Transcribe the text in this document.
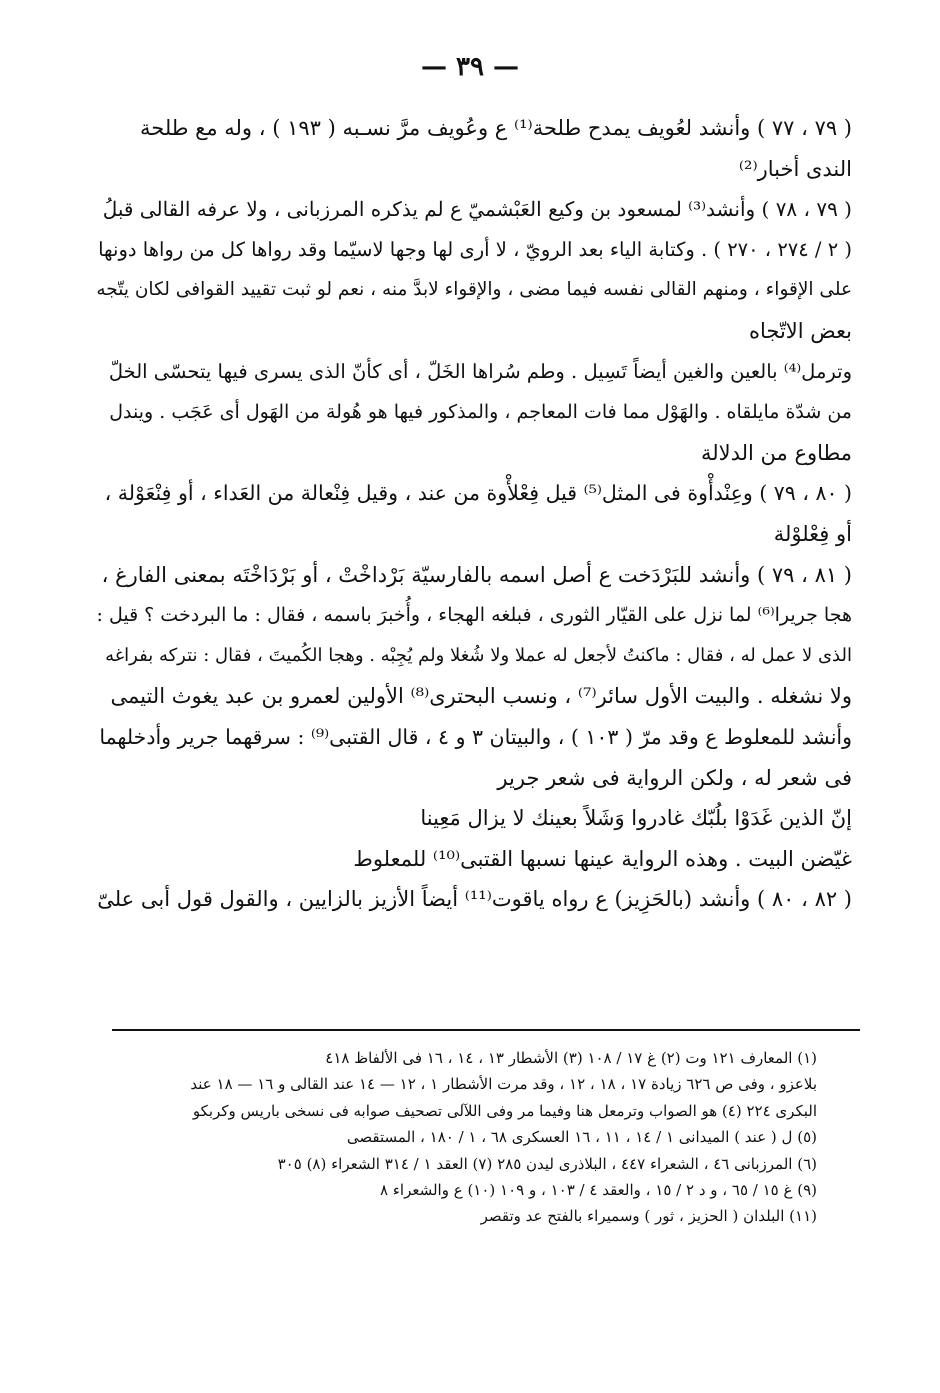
— ٣٩ —
( ٧٩ ، ٧٧ ) وأنشد لعُويف يمدح طلحة⁽¹⁾ ع وعُويف مرَّ نسـبه ( ١٩٣ ) ، وله مع طلحة
الندى أخبار⁽²⁾
( ٧٩ ، ٧٨ ) وأنشد⁽³⁾ لمسعود بن وكيع العَبْشميّ ع لم يذكره المرزبانى ، ولا عرفه القالى قبلُ
( ٢ / ٢٧٤ ، ٢٧٠ ) . وكتابة الياء بعد الرويّ ، لا أرى لها وجها لاسيّما وقد رواها كل من رواها دونها
على الإقواء ، ومنهم القالى نفسه فيما مضى ، والإقواء لابدَّ منه ، نعم لو ثبت تقييد القوافى لكان يتّجه
بعض الاتّجاه
وترمل⁽⁴⁾ بالعين والغين أيضاً تَسِيل . وطم سُراها الخَلّ ، أى كأنّ الذى يسرى فيها يتحسّى الخلّ
من شدّة مايلقاه . والهَوْل مما فات المعاجم ، والمذكور فيها هو هُولة من الهَول أى عَجَب . ويندل
مطاوع من الدلالة
( ٨٠ ، ٧٩ ) وعِنْدأْوة فى المثل⁽⁵⁾ قيل فِعْلأْوة من عند ، وقيل فِنْعالة من العَداء ، أو فِنْعَوْلة ،
أو فِعْلوْلة
( ٨١ ، ٧٩ ) وأنشد للبَرْدَخت ع أصل اسمه بالفارسيّة بَرْداخْتْ ، أو بَرْدَاخْتَه بمعنى الفارغ ،
هجا جريرا⁽⁶⁾ لما نزل على القيّار الثورى ، فبلغه الهجاء ، وأُخبرَ باسمه ، فقال : ما البردخت ؟ قيل :
الذى لا عمل له ، فقال : ماكنتُ لأجعل له عملا ولا شُغلا ولم يُجِبْه . وهجا الكُميتَ ، فقال : نتركه بفراغه
ولا نشغله . والبيت الأول سائر⁽⁷⁾ ، ونسب البحترى⁽⁸⁾ الأولين لعمرو بن عبد يغوث التيمى
وأنشد للمعلوط ع وقد مرّ ( ١٠٣ ) ، والبيتان ٣ و ٤ ، قال القتبى⁽⁹⁾ : سرقهما جرير وأدخلهما
فى شعر له ، ولكن الرواية فى شعر جرير
إنّ الذين غَدَوْا بلُبّك غادروا وَشَلاً بعينك لا يزال مَعِينا
غيّضن البيت . وهذه الرواية عينها نسبها القتبى⁽¹⁰⁾ للمعلوط
( ٨٢ ، ٨٠ ) وأنشد (بالحَزِيز) ع رواه ياقوت⁽¹¹⁾ أيضاً الأزيز بالزايين ، والقول قول أبى علىّ
(١) المعارف ١٢١ وت (٢) غ ١٧ / ١٠٨ (٣) الأشطار ١٣ ، ١٤ ، ١٦ فى الألفاظ ٤١٨
بلاعزو ، وفى ص ٦٢٦ زيادة ١٧ ، ١٨ ، ١٢ ، وقد مرت الأشطار ١ ، ١٢ — ١٤ عند القالى و ١٦ — ١٨ عند
البكرى ٢٢٤ (٤) هو الصواب وترمعل هنا وفيما مر وفى اللآلى تصحيف صوابه فى نسخى باريس وكربكو
(٥) ل ( عند ) الميدانى ١ / ١٤ ، ١١ ، ١٦ العسكرى ٦٨ ، ١ / ١٨٠ ، المستقصى
(٦) المرزبانى ٤٦ ، الشعراء ٤٤٧ ، البلاذرى ليدن ٢٨٥ (٧) العقد ١ / ٣١٤ الشعراء (٨) ٣٠٥
(٩) غ ١٥ / ٦٥ ، و د ٢ / ١٥ ، والعقد ٤ / ١٠٣ ، و ١٠٩ (١٠) ع والشعراء ٨
(١١) البلدان ( الحزيز ، ثور ) وسميراء بالفتح عد وتقصر
